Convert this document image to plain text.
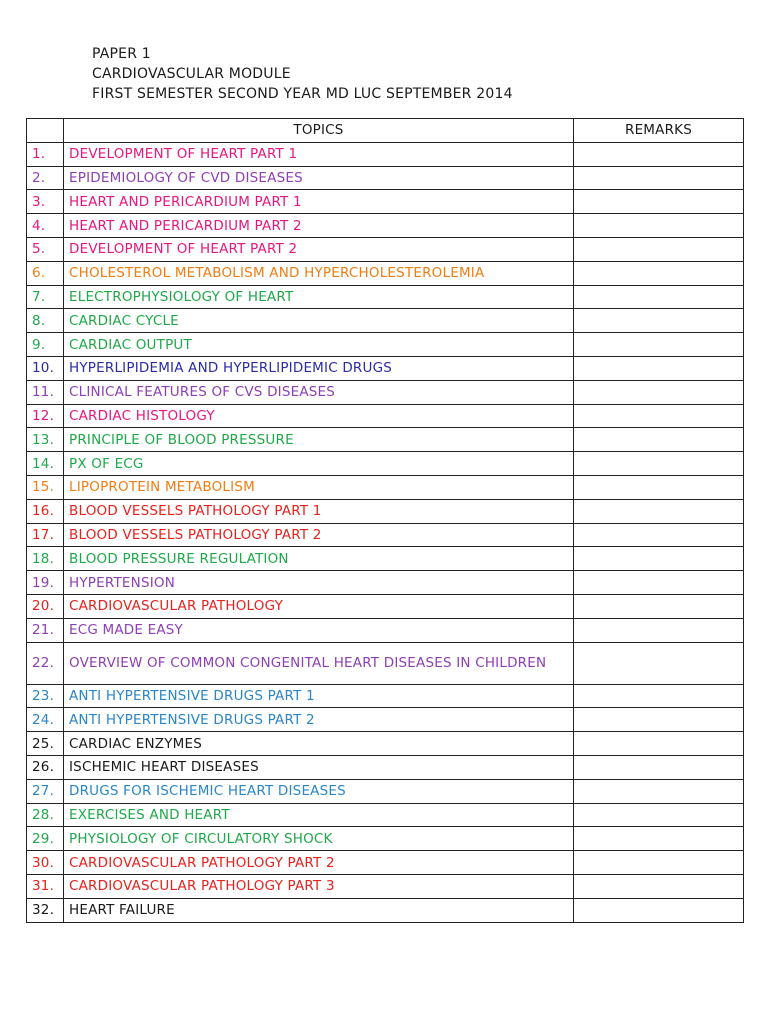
PAPER 1
CARDIOVASCULAR MODULE
FIRST SEMESTER SECOND YEAR MD LUC SEPTEMBER 2014
	TOPICS	REMARKS
1.	DEVELOPMENT OF HEART PART 1	
2.	EPIDEMIOLOGY OF CVD DISEASES	
3.	HEART AND PERICARDIUM PART 1	
4.	HEART AND PERICARDIUM PART 2	
5.	DEVELOPMENT OF HEART PART 2	
6.	CHOLESTEROL METABOLISM AND HYPERCHOLESTEROLEMIA	
7.	ELECTROPHYSIOLOGY OF HEART	
8.	CARDIAC CYCLE	
9.	CARDIAC OUTPUT	
10.	HYPERLIPIDEMIA AND HYPERLIPIDEMIC DRUGS	
11.	CLINICAL FEATURES OF CVS DISEASES	
12.	CARDIAC HISTOLOGY	
13.	PRINCIPLE OF BLOOD PRESSURE	
14.	PX OF ECG	
15.	LIPOPROTEIN METABOLISM	
16.	BLOOD VESSELS PATHOLOGY PART 1	
17.	BLOOD VESSELS PATHOLOGY PART 2	
18.	BLOOD PRESSURE REGULATION	
19.	HYPERTENSION	
20.	CARDIOVASCULAR PATHOLOGY	
21.	ECG MADE EASY	
22.	OVERVIEW OF COMMON CONGENITAL HEART DISEASES IN CHILDREN	
23.	ANTI HYPERTENSIVE DRUGS PART 1	
24.	ANTI HYPERTENSIVE DRUGS PART 2	
25.	CARDIAC ENZYMES	
26.	ISCHEMIC HEART DISEASES	
27.	DRUGS FOR ISCHEMIC HEART DISEASES	
28.	EXERCISES AND HEART	
29.	PHYSIOLOGY OF CIRCULATORY SHOCK	
30.	CARDIOVASCULAR PATHOLOGY PART 2	
31.	CARDIOVASCULAR PATHOLOGY PART 3	
32.	HEART FAILURE	
